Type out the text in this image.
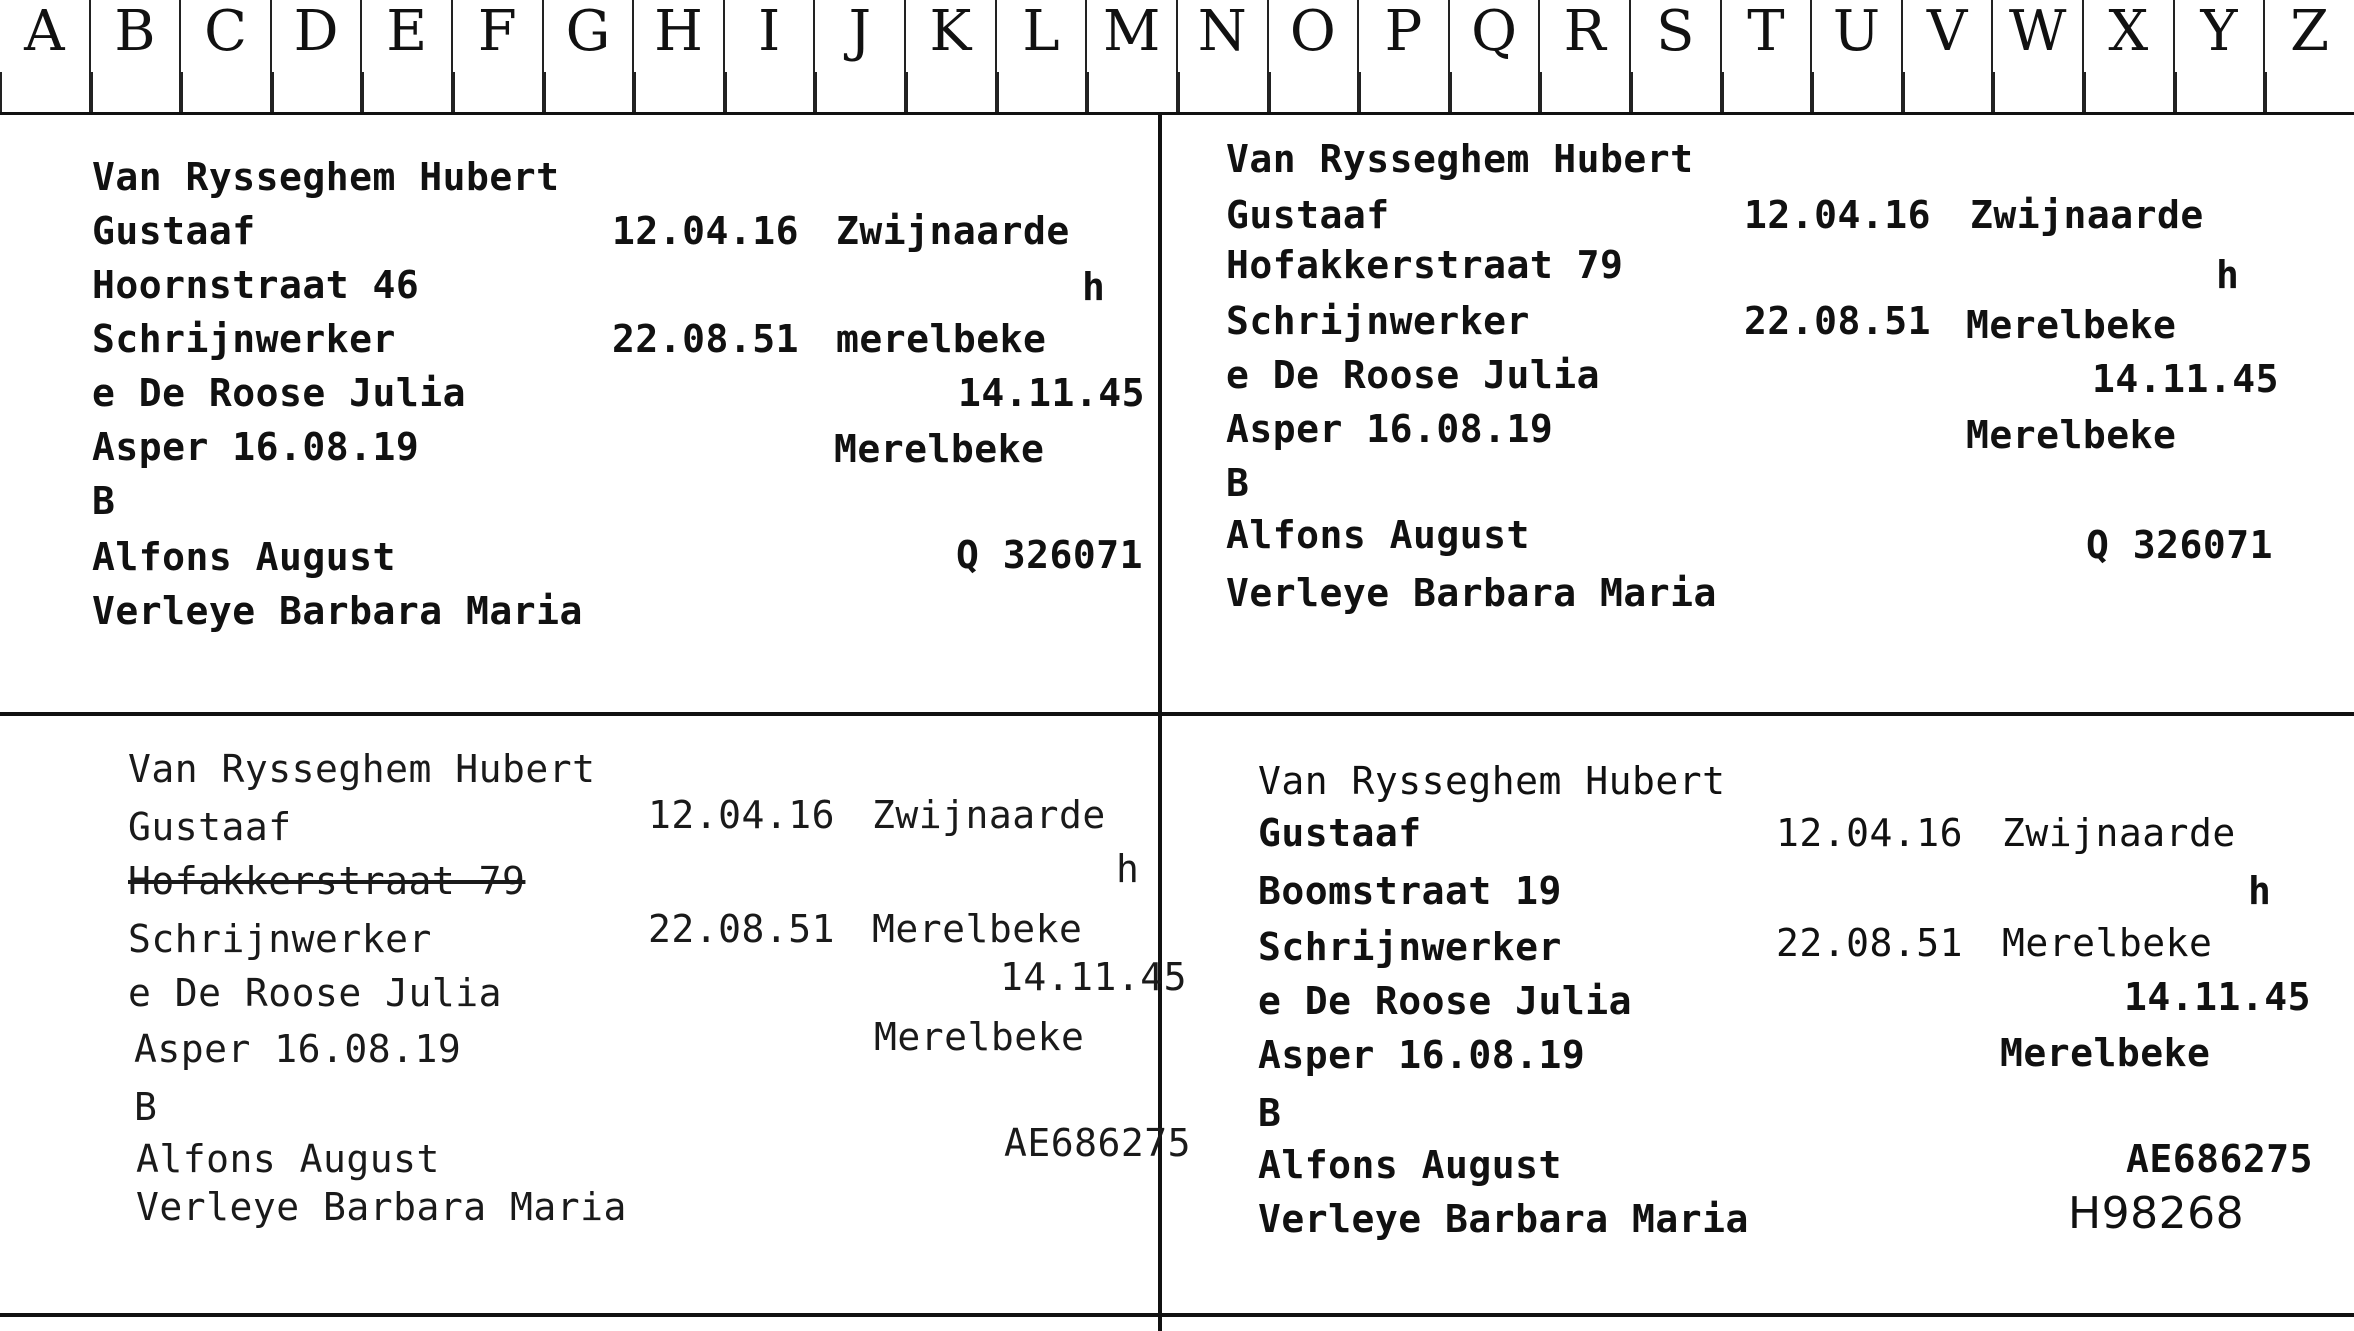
A B C D E F G H I	J	K L M N O P Q R S T U V W X Y Z
Van Rysseghem Hubert
Gustaaf	12.04.16 Zwijnaarde
Hoornstraat 46	h
Schrijnwerker	22.08.51 merelbeke
e De Roose Julia	14.11.45
Asper 16.08.19	Merelbeke
B
Alfons August	Q 326071
Verleye Barbara Maria
Van Rysseghem Hubert
Gustaaf	12.04.16 Zwijnaarde
Hofakkerstraat 79	h
Schrijnwerker	22.08.51 Merelbeke
e De Roose Julia	14.11.45
Asper 16.08.19	Merelbeke
B
Alfons August	Q 326071
Verleye Barbara Maria
Van Rysseghem Hubert
Gustaaf	12.04.16 Zwijnaarde
Hofakkerstraat 79	h
Schrijnwerker	22.08.51 Merelbeke
e De Roose Julia	14.11.45
Asper 16.08.19	Merelbeke
B
Alfons August	AE686275
Verleye Barbara Maria
Van Rysseghem Hubert
Gustaaf	12.04.16 Zwijnaarde
Boomstraat 19	h
Schrijnwerker	22.08.51 Merelbeke
e De Roose Julia	14.11.45
Asper 16.08.19	Merelbeke
B
Alfons August	AE686275
Verleye Barbara Maria	H98268
